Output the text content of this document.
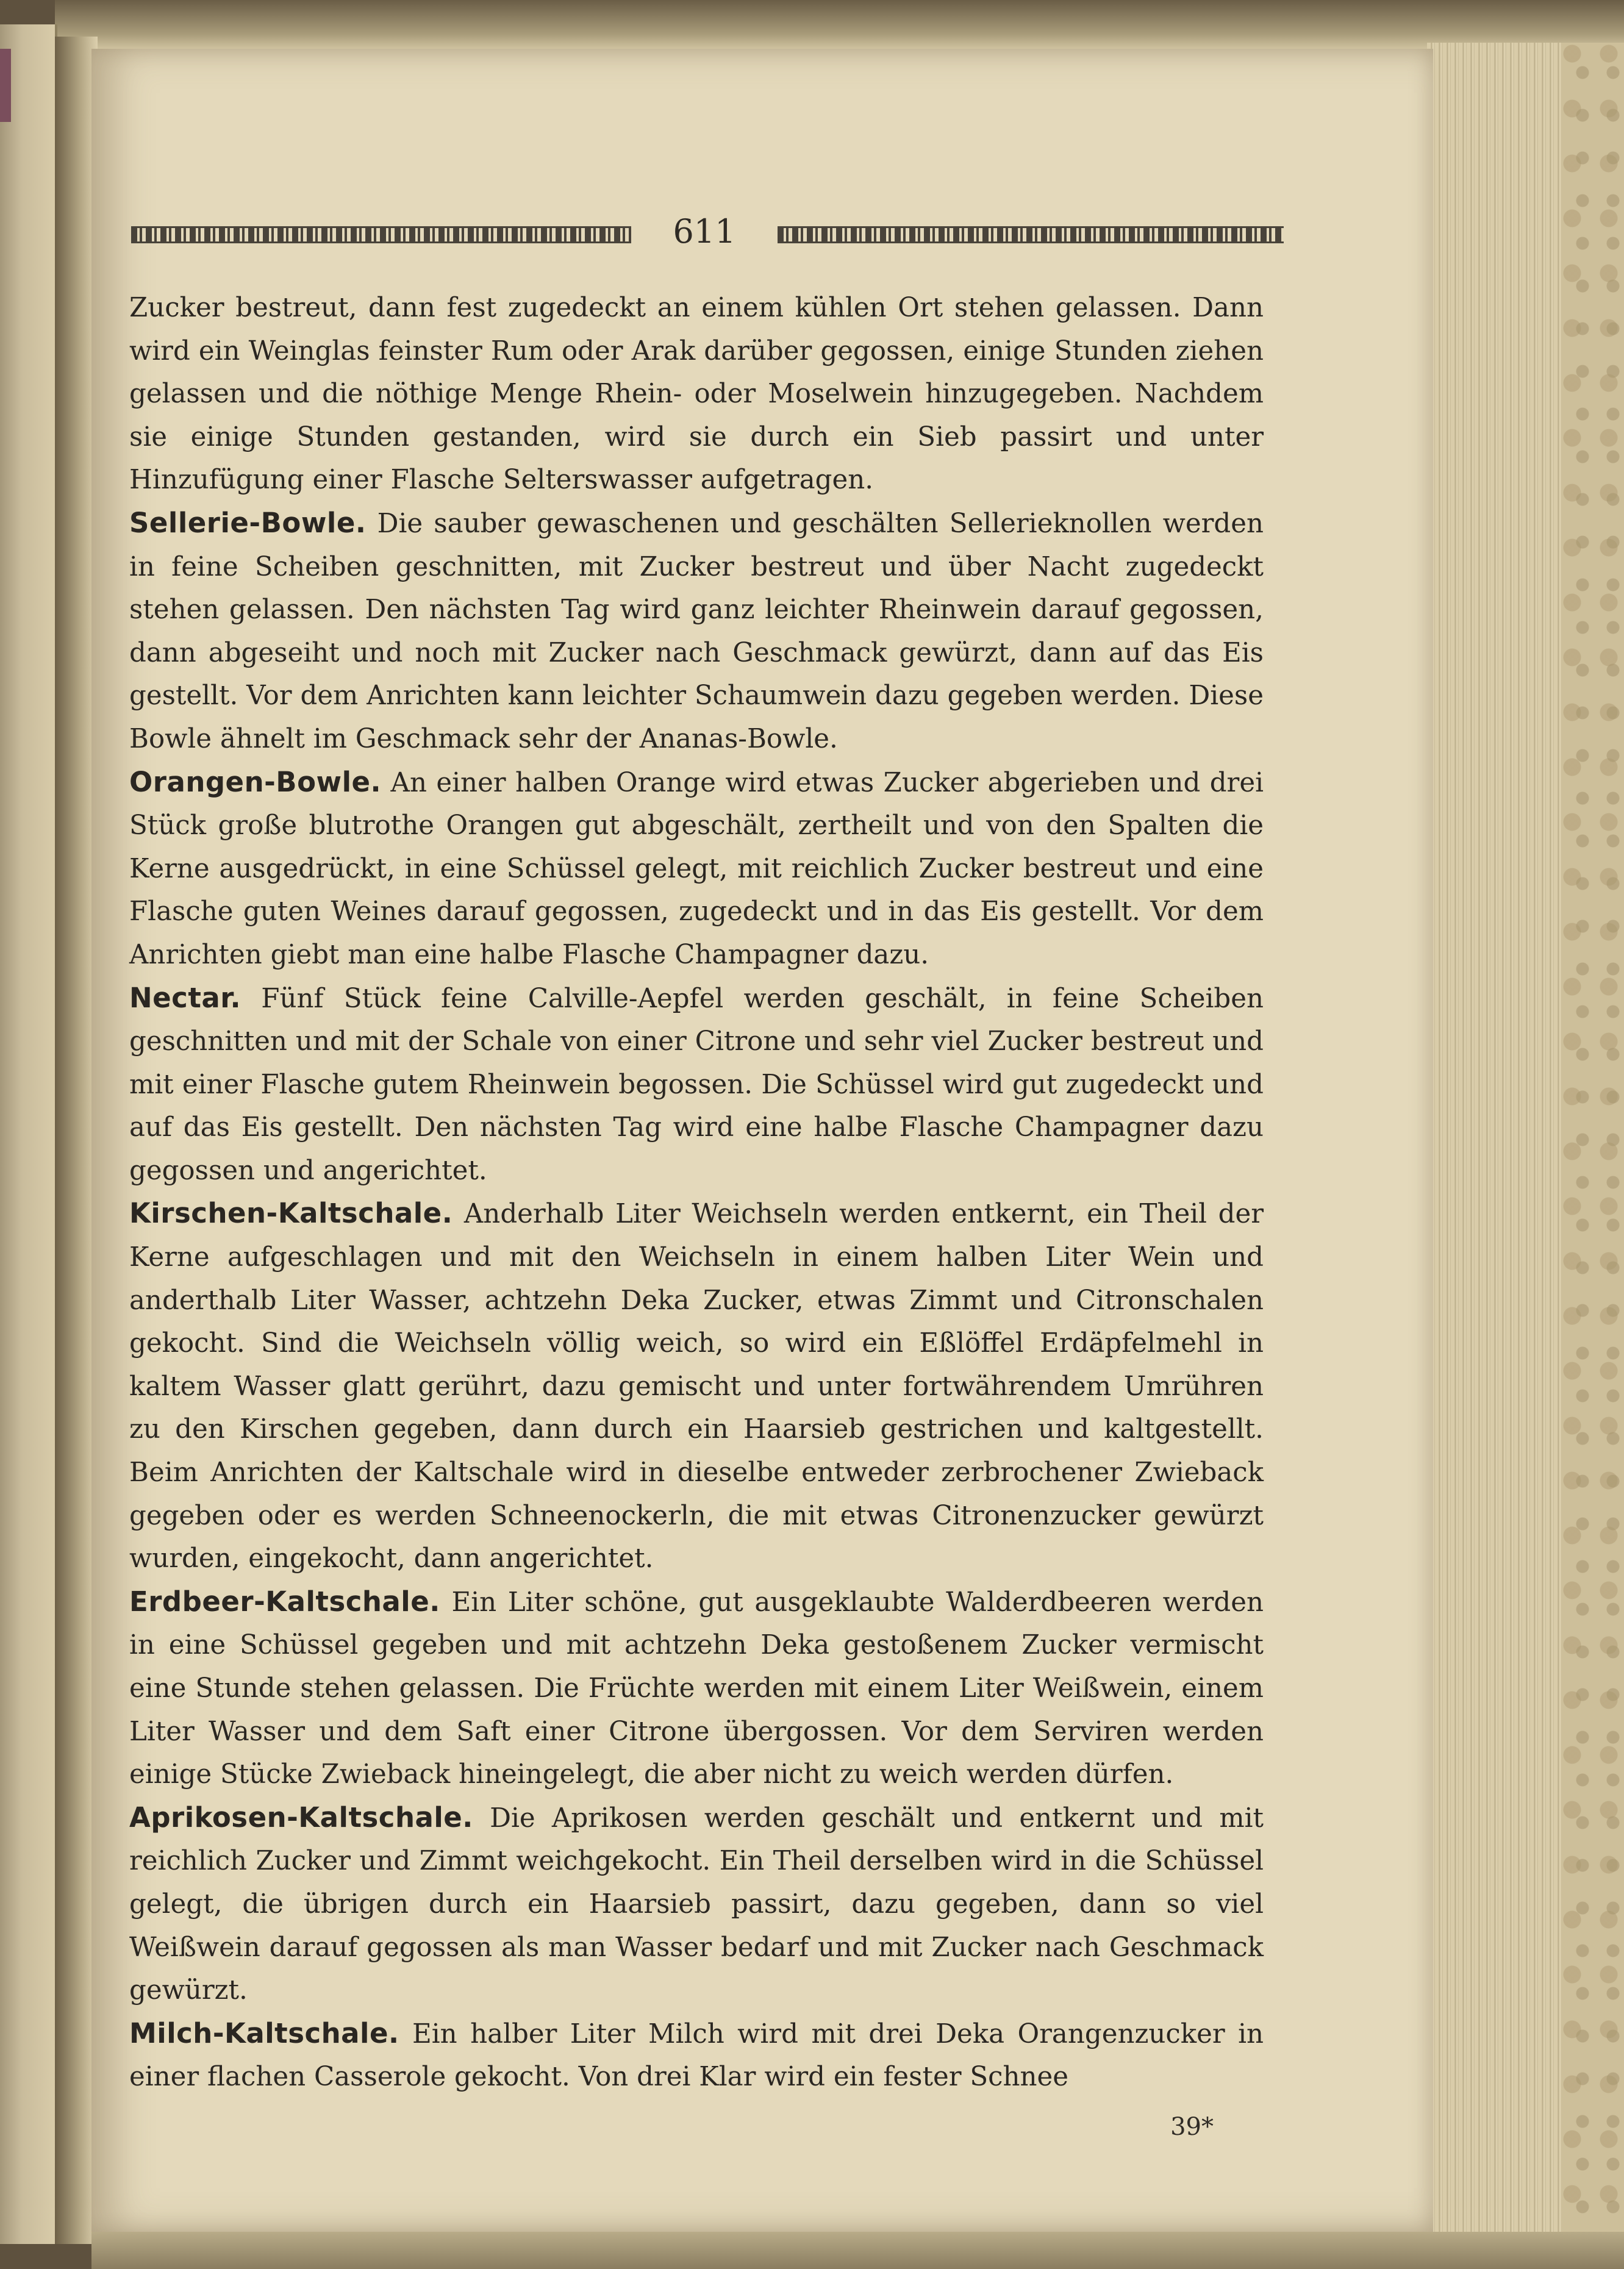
611

Zucker bestreut, dann fest zugedeckt an einem kühlen Ort stehen gelassen. Dann wird ein Weinglas feinster Rum oder Arak darüber gegossen, einige Stunden ziehen gelassen und die nöthige Menge Rhein- oder Moselwein hinzugegeben. Nachdem sie einige Stunden gestanden, wird sie durch ein Sieb passirt und unter Hinzufügung einer Flasche Selterswasser aufgetragen.

Sellerie-Bowle. Die sauber gewaschenen und geschälten Sellerieknollen werden in feine Scheiben geschnitten, mit Zucker bestreut und über Nacht zugedeckt stehen gelassen. Den nächsten Tag wird ganz leichter Rheinwein darauf gegossen, dann abgeseiht und noch mit Zucker nach Geschmack gewürzt, dann auf das Eis gestellt. Vor dem Anrichten kann leichter Schaumwein dazu gegeben werden. Diese Bowle ähnelt im Geschmack sehr der Ananas-Bowle.

Orangen-Bowle. An einer halben Orange wird etwas Zucker abgerieben und drei Stück große blutrothe Orangen gut abgeschält, zertheilt und von den Spalten die Kerne ausgedrückt, in eine Schüssel gelegt, mit reichlich Zucker bestreut und eine Flasche guten Weines darauf gegossen, zugedeckt und in das Eis gestellt. Vor dem Anrichten giebt man eine halbe Flasche Champagner dazu.

Nectar. Fünf Stück feine Calville-Aepfel werden geschält, in feine Scheiben geschnitten und mit der Schale von einer Citrone und sehr viel Zucker bestreut und mit einer Flasche gutem Rheinwein begossen. Die Schüssel wird gut zugedeckt und auf das Eis gestellt. Den nächsten Tag wird eine halbe Flasche Champagner dazu gegossen und angerichtet.

Kirschen-Kaltschale. Anderhalb Liter Weichseln werden entkernt, ein Theil der Kerne aufgeschlagen und mit den Weichseln in einem halben Liter Wein und anderthalb Liter Wasser, achtzehn Deka Zucker, etwas Zimmt und Citronschalen gekocht. Sind die Weichseln völlig weich, so wird ein Eßlöffel Erdäpfelmehl in kaltem Wasser glatt gerührt, dazu gemischt und unter fortwährendem Umrühren zu den Kirschen gegeben, dann durch ein Haarsieb gestrichen und kaltgestellt. Beim Anrichten der Kaltschale wird in dieselbe entweder zerbrochener Zwieback gegeben oder es werden Schneenockerln, die mit etwas Citronenzucker gewürzt wurden, eingekocht, dann angerichtet.

Erdbeer-Kaltschale. Ein Liter schöne, gut ausgeklaubte Walderdbeeren werden in eine Schüssel gegeben und mit achtzehn Deka gestoßenem Zucker vermischt eine Stunde stehen gelassen. Die Früchte werden mit einem Liter Weißwein, einem Liter Wasser und dem Saft einer Citrone übergossen. Vor dem Serviren werden einige Stücke Zwieback hineingelegt, die aber nicht zu weich werden dürfen.

Aprikosen-Kaltschale. Die Aprikosen werden geschält und entkernt und mit reichlich Zucker und Zimmt weichgekocht. Ein Theil derselben wird in die Schüssel gelegt, die übrigen durch ein Haarsieb passirt, dazu gegeben, dann so viel Weißwein darauf gegossen als man Wasser bedarf und mit Zucker nach Geschmack gewürzt.

Milch-Kaltschale. Ein halber Liter Milch wird mit drei Deka Orangenzucker in einer flachen Casserole gekocht. Von drei Klar wird ein fester Schnee

39*
